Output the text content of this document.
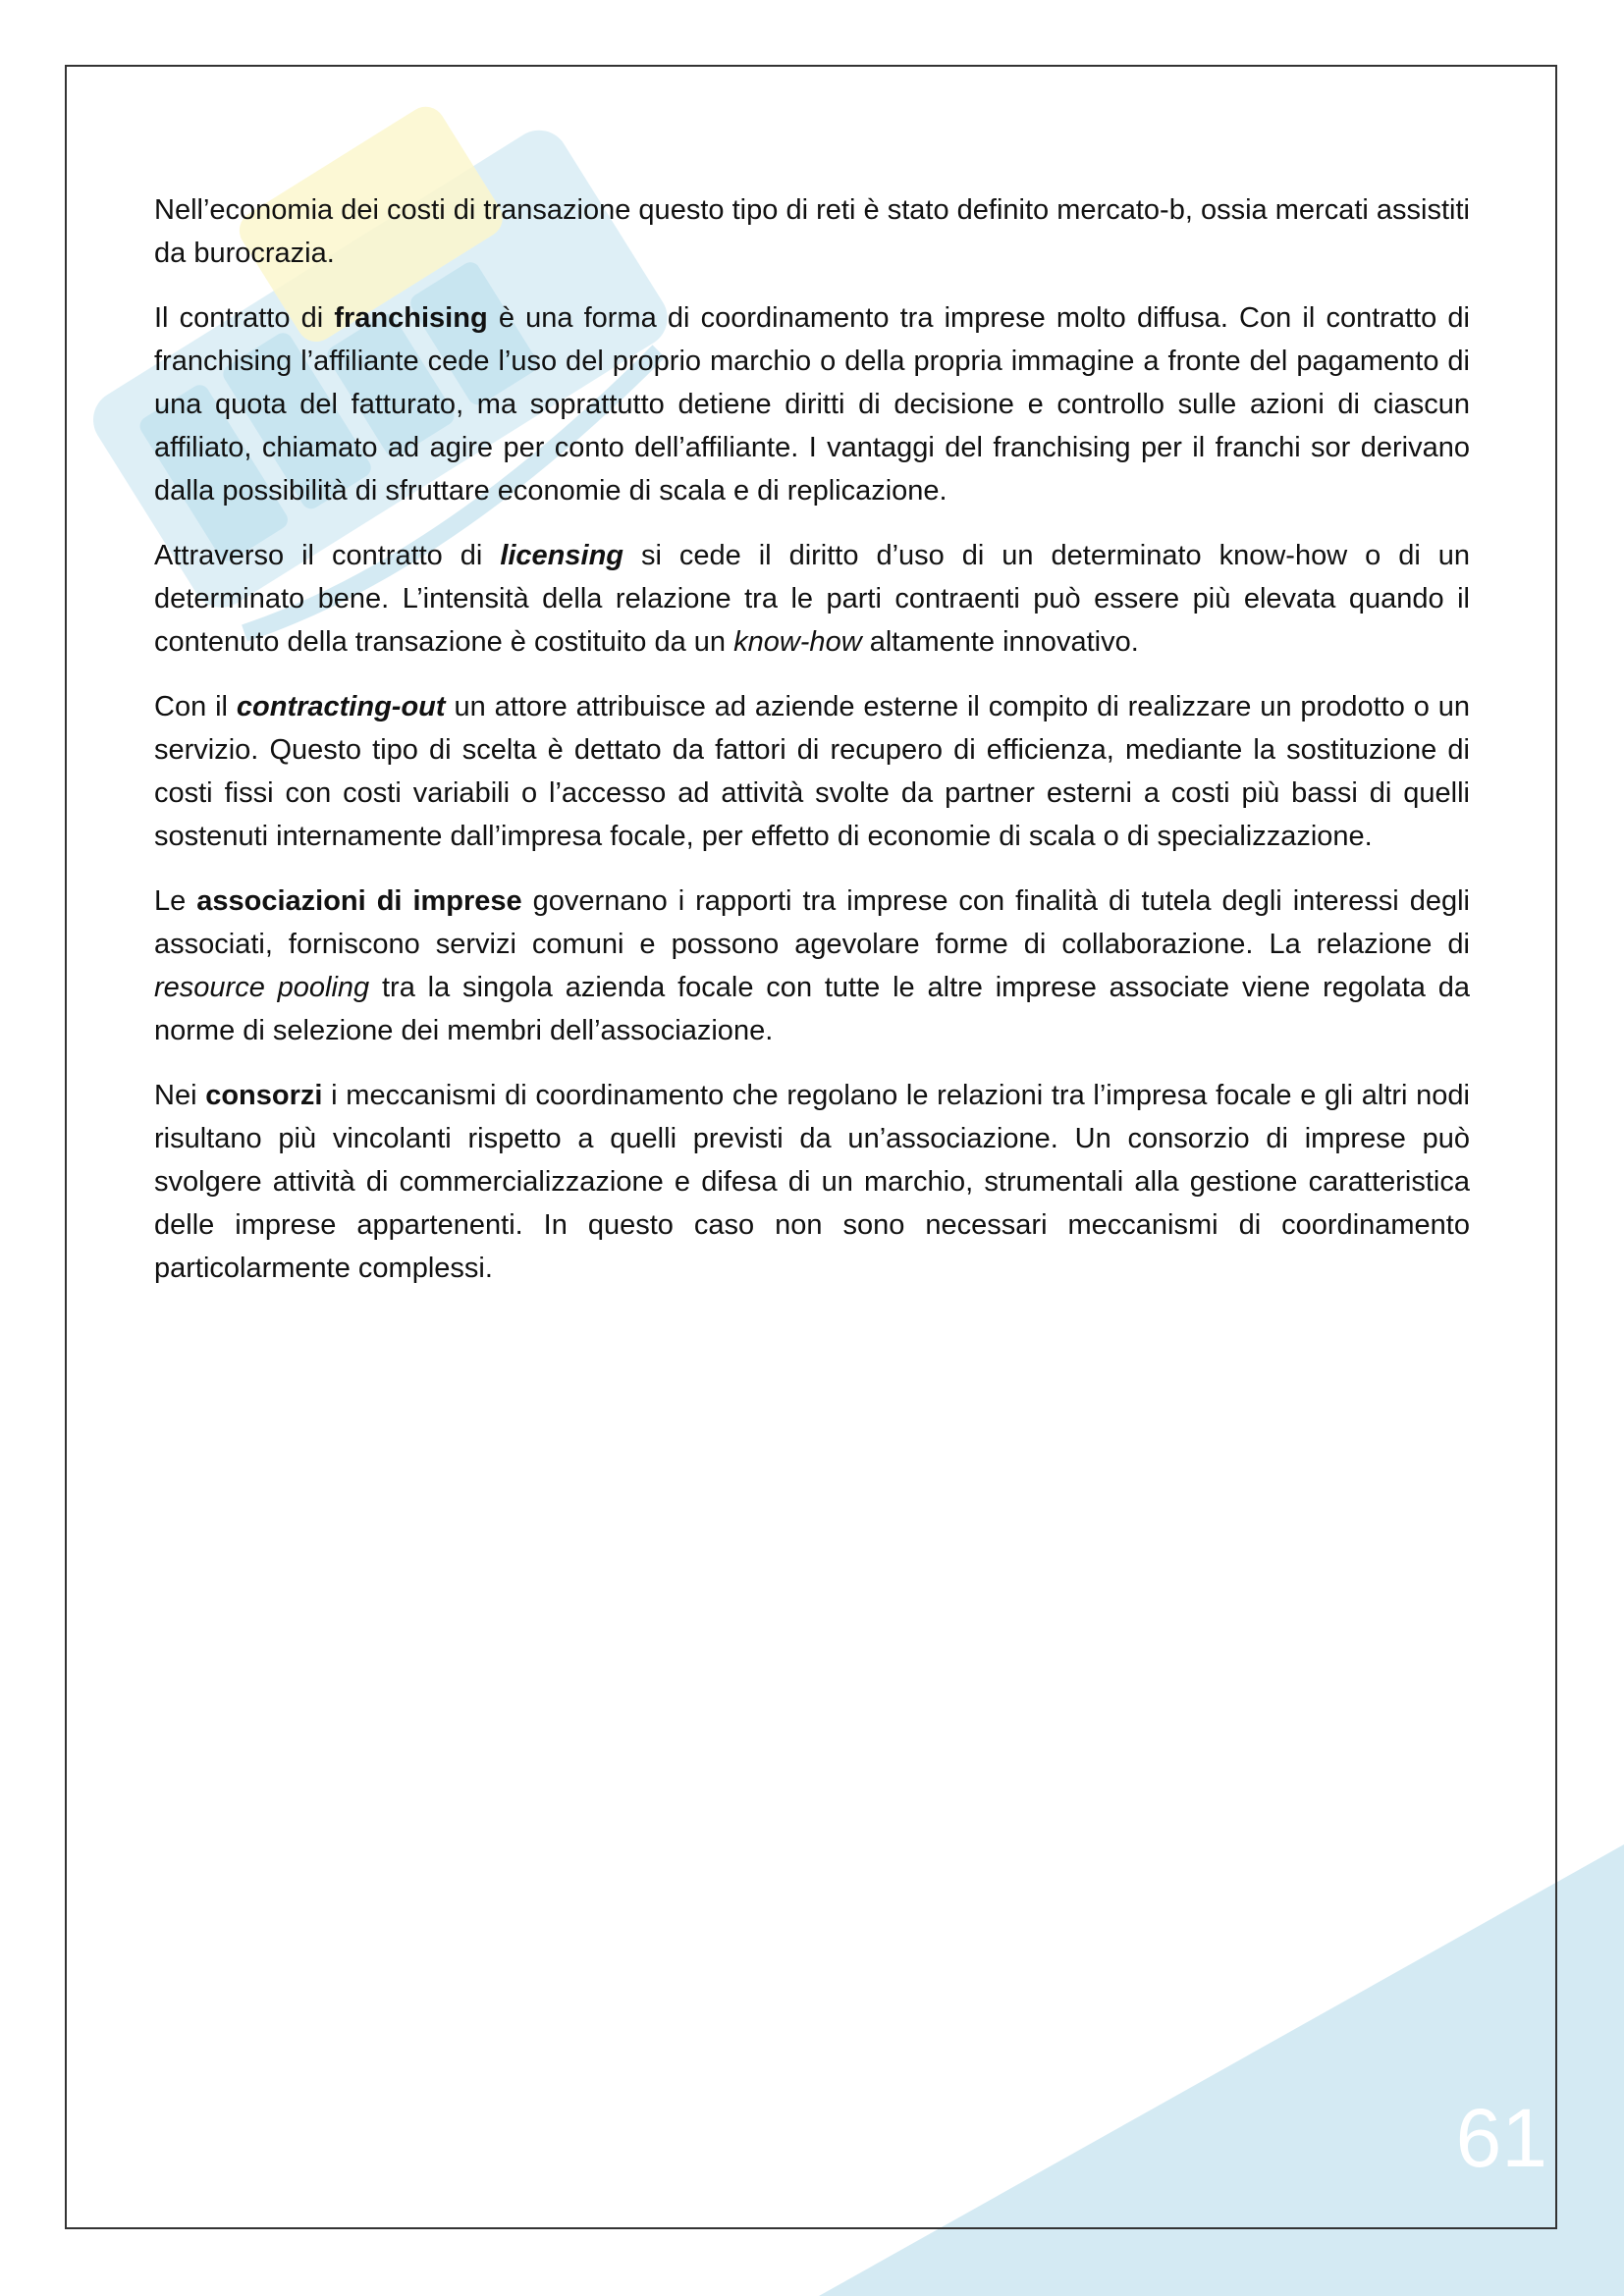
Nell’economia dei costi di transazione questo tipo di reti è stato definito mercato-b, ossia mercati assistiti da burocrazia.

Il contratto di franchising è una forma di coordinamento tra imprese molto diffusa. Con il contratto di franchising l’affiliante cede l’uso del proprio marchio o della propria immagine a fronte del pagamento di una quota del fatturato, ma soprattutto detiene diritti di decisione e controllo sulle azioni di ciascun affiliato, chiamato ad agire per conto dell’affiliante. I vantaggi del franchising per il franchi sor derivano dalla possibilità di sfruttare economie di scala e di replicazione.

Attraverso il contratto di licensing si cede il diritto d’uso di un determinato know-how o di un determinato bene. L’intensità della relazione tra le parti contraenti può essere più elevata quando il contenuto della transazione è costituito da un know-how altamente innovativo.

Con il contracting-out un attore attribuisce ad aziende esterne il compito di realizzare un prodotto o un servizio. Questo tipo di scelta è dettato da fattori di recupero di efficienza, mediante la sostituzione di costi fissi con costi variabili o l’accesso ad attività svolte da partner esterni a costi più bassi di quelli sostenuti internamente dall’impresa focale, per effetto di economie di scala o di specializzazione.

Le associazioni di imprese governano i rapporti tra imprese con finalità di tutela degli interessi degli associati, forniscono servizi comuni e possono agevolare forme di collaborazione. La relazione di resource pooling tra la singola azienda focale con tutte le altre imprese associate viene regolata da norme di selezione dei membri dell’associazione.

Nei consorzi i meccanismi di coordinamento che regolano le relazioni tra l’impresa focale e gli altri nodi risultano più vincolanti rispetto a quelli previsti da un’associazione. Un consorzio di imprese può svolgere attività di commercializzazione e difesa di un marchio, strumentali alla gestione caratteristica delle imprese appartenenti. In questo caso non sono necessari meccanismi di coordinamento particolarmente complessi.

61
